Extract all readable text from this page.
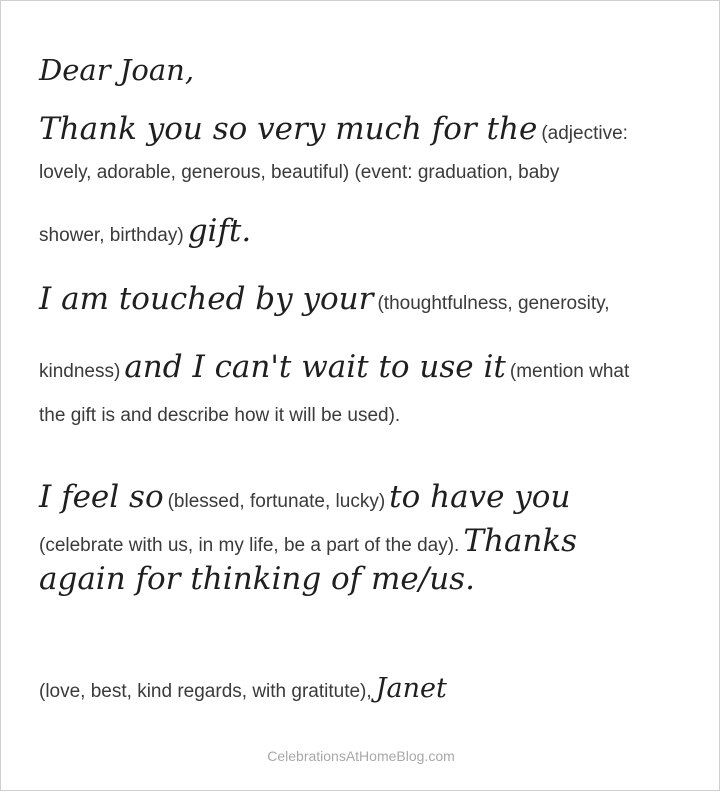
Dear Joan,
Thank you so very much for the (adjective:
lovely, adorable, generous, beautiful) (event: graduation, baby
shower, birthday) gift.
I am touched by your (thoughtfulness, generosity,
kindness) and I can't wait to use it (mention what
the gift is and describe how it will be used).
I feel so (blessed, fortunate, lucky) to have you
(celebrate with us, in my life, be a part of the day). Thanks
again for thinking of me/us.
(love, best, kind regards, with gratitute), Janet
CelebrationsAtHomeBlog.com
